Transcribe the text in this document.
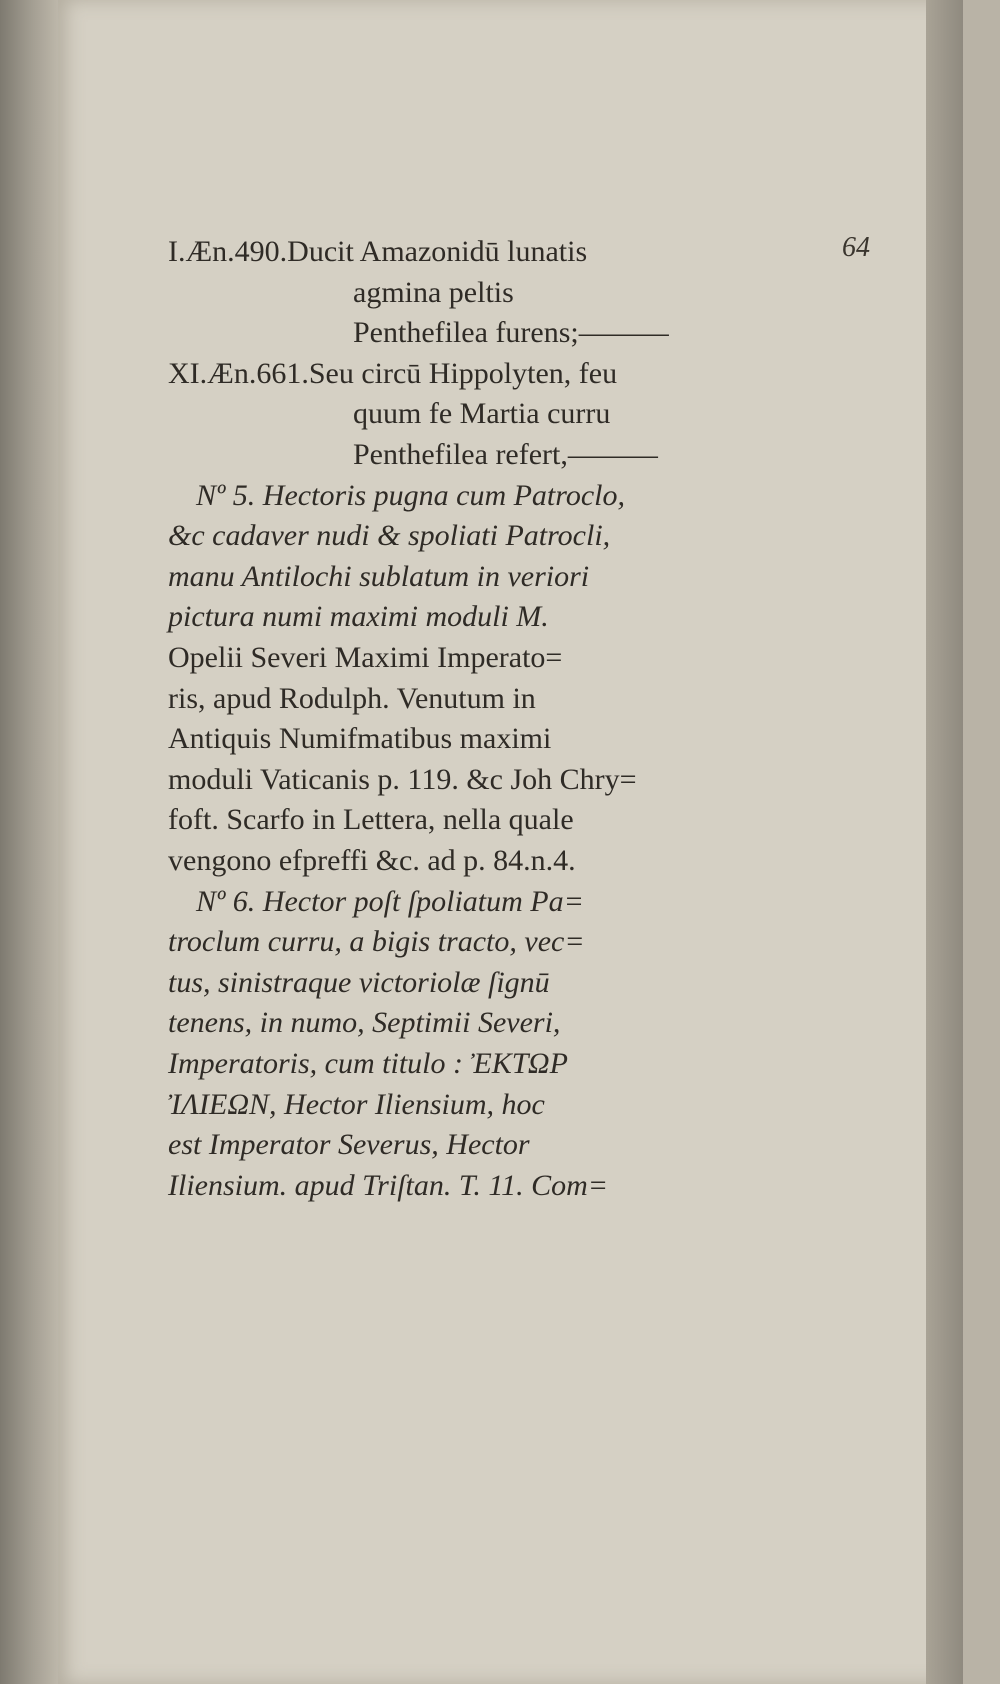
64
I.Æn.490.Ducit Amazonidū lunatis
agmina peltis
Penthefilea furens;———
XI.Æn.661.Seu circū Hippolyten, feu
quum fe Martia curru
Penthefilea refert,———
Nº 5. Hectoris pugna cum Patroclo,
&c cadaver nudi & spoliati Patrocli,
manu Antilochi sublatum in veriori
pictura numi maximi moduli M.
Opelii Severi Maximi Imperato=
ris, apud Rodulph. Venutum in
Antiquis Numifmatibus maximi
moduli Vaticanis p. 119. &c Joh Chry=
foft. Scarfo in Lettera, nella quale
vengono efpreffi &c. ad p. 84.n.4.
Nº 6. Hector poſt ſpoliatum Pa=
troclum curru, a bigis tracto, vec=
tus, sinistraque victoriolæ ſignū
tenens, in numo, Septimii Severi,
Imperatoris, cum titulo : ἘΚΤΩΡ
ἸΛΙΕΩΝ, Hector Iliensium, hoc
est Imperator Severus, Hector
Iliensium. apud Triſtan. T. 11. Com=
